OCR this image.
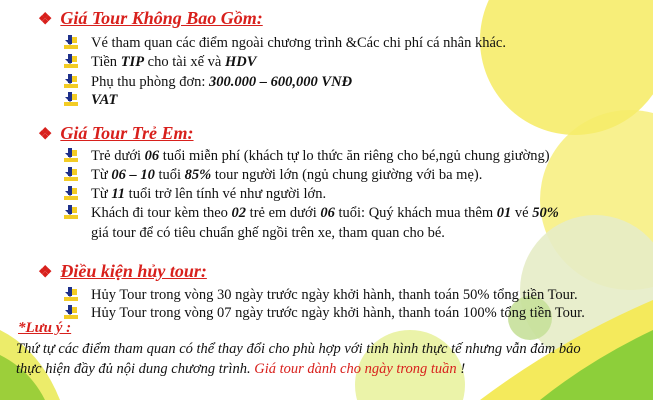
❖ Giá Tour Không Bao Gồm:
Vé tham quan các điểm ngoài chương trình &Các chi phí cá nhân khác.
Tiền TIP cho tài xế và HDV
Phụ thu phòng đơn: 300.000 – 600,000 VNĐ
VAT
❖ Giá Tour Trẻ Em:
Trẻ dưới 06 tuổi miễn phí (khách tự lo thức ăn riêng cho bé,ngủ chung giường)
Từ 06 – 10 tuổi 85% tour người lớn (ngủ chung giường với ba mẹ).
Từ 11 tuổi trở lên tính vé như người lớn.
Khách đi tour kèm theo 02 trẻ em dưới 06 tuổi: Quý khách mua thêm 01 vé 50%
giá tour để có tiêu chuẩn ghế ngồi trên xe, tham quan cho bé.
❖ Điều kiện hủy tour:
Hủy Tour trong vòng 30 ngày trước ngày khởi hành, thanh toán 50% tổng tiền Tour.
Hủy Tour trong vòng 07 ngày trước ngày khởi hành, thanh toán 100% tổng tiền Tour.
*Lưu ý :
Thứ tự các điểm tham quan có thể thay đổi cho phù hợp với tình hình thực tế nhưng vẫn đảm bảo
thực hiện đầy đủ nội dung chương trình. Giá tour dành cho ngày trong tuần !
